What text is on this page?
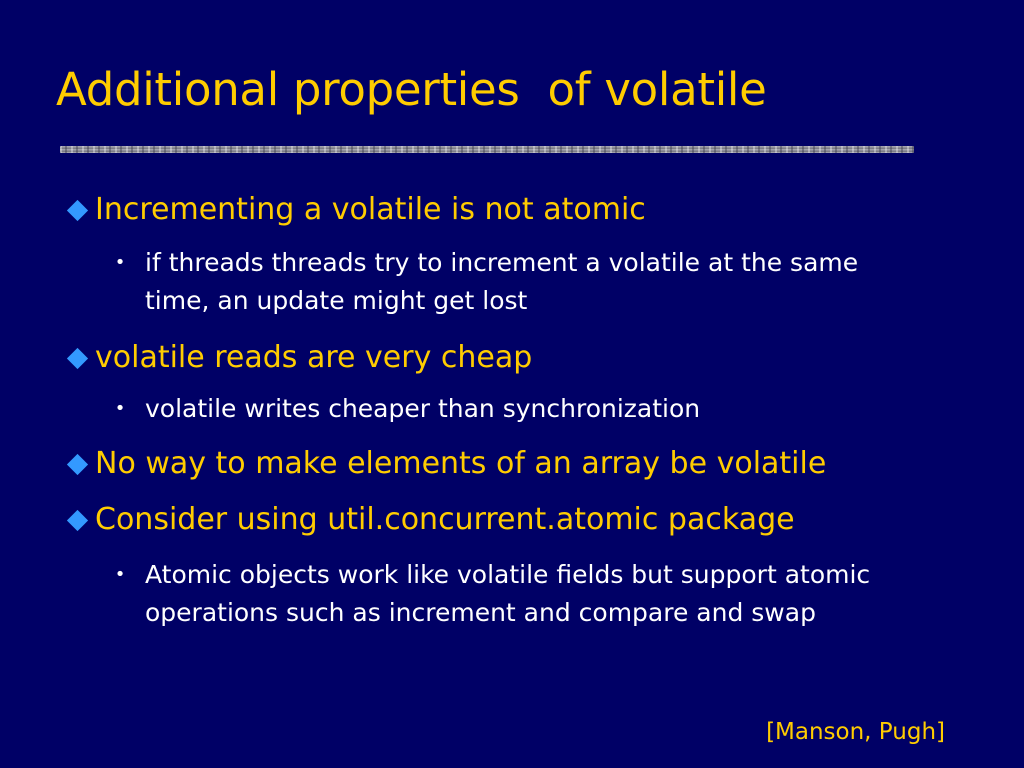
Additional properties  of volatile
Incrementing a volatile is not atomic
• if threads threads try to increment a volatile at the same time, an update might get lost
volatile reads are very cheap
• volatile writes cheaper than synchronization
No way to make elements of an array be volatile
Consider using util.concurrent.atomic package
• Atomic objects work like volatile fields but support atomic operations such as increment and compare and swap
[Manson, Pugh]
